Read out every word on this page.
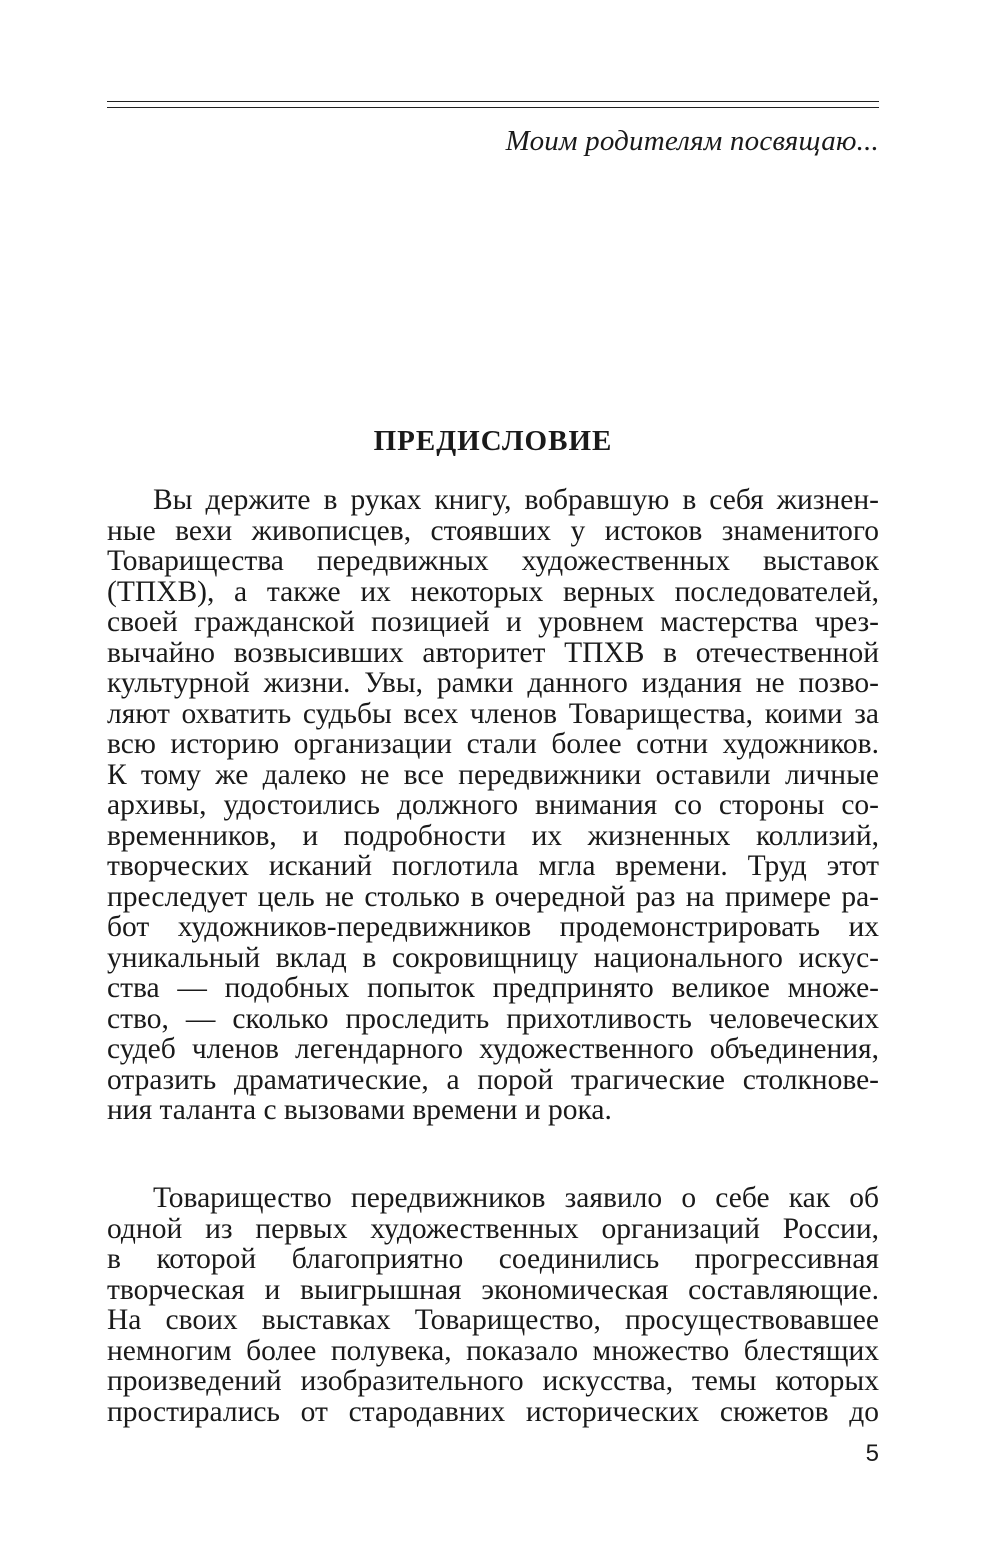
Моим родителям посвящаю...
ПРЕДИСЛОВИЕ
Вы держите в руках книгу, вобравшую в себя жизнен-
ные вехи живописцев, стоявших у истоков знаменитого
Товарищества передвижных художественных выставок
(ТПХВ), а также их некоторых верных последователей,
своей гражданской позицией и уровнем мастерства чрез-
вычайно возвысивших авторитет ТПХВ в отечественной
культурной жизни. Увы, рамки данного издания не позво-
ляют охватить судьбы всех членов Товарищества, коими за
всю историю организации стали более сотни художников.
К тому же далеко не все передвижники оставили личные
архивы, удостоились должного внимания со стороны со-
временников, и подробности их жизненных коллизий,
творческих исканий поглотила мгла времени. Труд этот
преследует цель не столько в очередной раз на примере ра-
бот художников-передвижников продемонстрировать их
уникальный вклад в сокровищницу национального искус-
ства — подобных попыток предпринято великое множе-
ство, — сколько проследить прихотливость человеческих
судеб членов легендарного художественного объединения,
отразить драматические, а порой трагические столкнове-
ния таланта с вызовами времени и рока.
Товарищество передвижников заявило о себе как об
одной из первых художественных организаций России,
в которой благоприятно соединились прогрессивная
творческая и выигрышная экономическая составляющие.
На своих выставках Товарищество, просуществовавшее
немногим более полувека, показало множество блестящих
произведений изобразительного искусства, темы которых
простирались от стародавних исторических сюжетов до
5
